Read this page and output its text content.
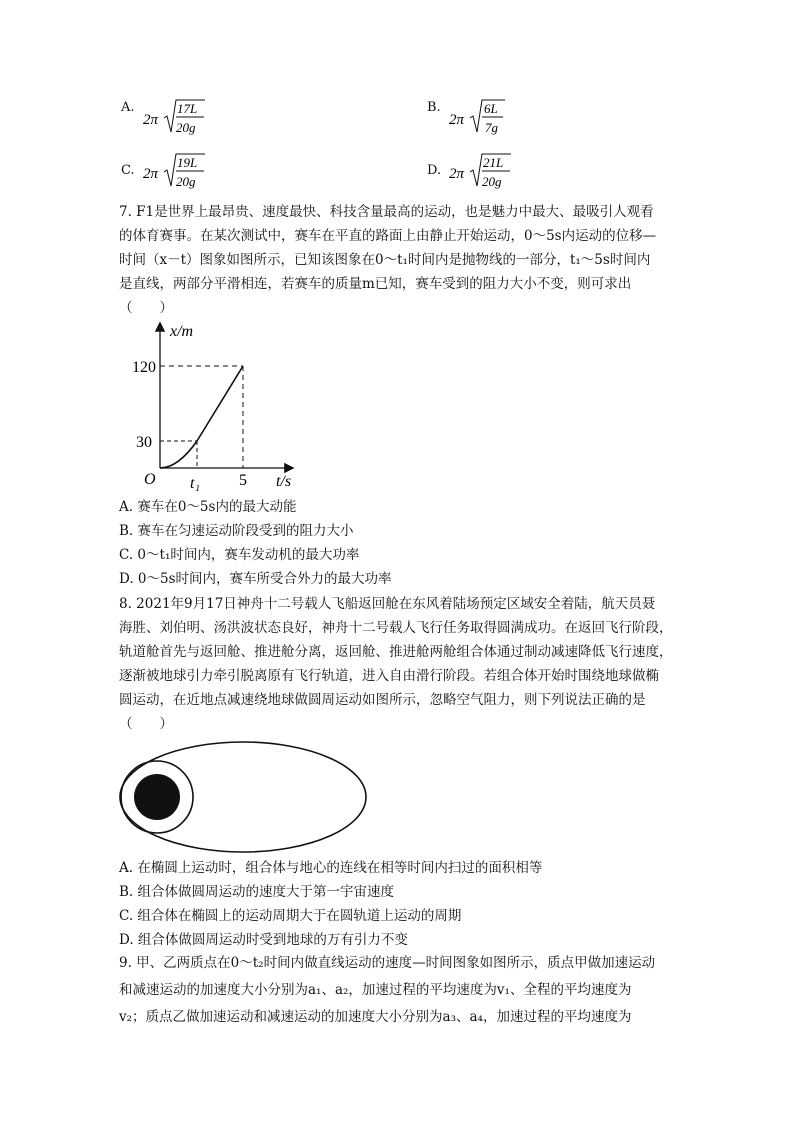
A.
2π
17L
20g
B.
2π
6L
7g
C. 2π
19L
20g
D. 2π
21L
20g
7. F1是世界上最昂贵、速度最快、科技含量最高的运动，也是魅力中最大、最吸引人观看
的体育赛事。在某次测试中，赛车在平直的路面上由静止开始运动，0～5s内运动的位移—
时间（x－t）图象如图所示，已知该图象在0～t₁时间内是抛物线的一部分，t₁～5s时间内
是直线，两部分平滑相连，若赛车的质量m已知，赛车受到的阻力大小不变，则可求出
（　　）
x/m
t/s
O
120
30
t₁ 5
A. 赛车在0～5s内的最大动能
B. 赛车在匀速运动阶段受到的阻力大小
C. 0～t₁时间内，赛车发动机的最大功率
D. 0～5s时间内，赛车所受合外力的最大功率
8. 2021年9月17日神舟十二号载人飞船返回舱在东风着陆场预定区域安全着陆，航天员聂
海胜、刘伯明、汤洪波状态良好，神舟十二号载人飞行任务取得圆满成功。在返回飞行阶段，
轨道舱首先与返回舱、推进舱分离，返回舱、推进舱两舱组合体通过制动减速降低飞行速度，
逐渐被地球引力牵引脱离原有飞行轨道，进入自由滑行阶段。若组合体开始时围绕地球做椭
圆运动，在近地点减速绕地球做圆周运动如图所示，忽略空气阻力，则下列说法正确的是
（　　）
A. 在椭圆上运动时，组合体与地心的连线在相等时间内扫过的面积相等
B. 组合体做圆周运动的速度大于第一宇宙速度
C. 组合体在椭圆上的运动周期大于在圆轨道上运动的周期
D. 组合体做圆周运动时受到地球的万有引力不变
9. 甲、乙两质点在0～t₂时间内做直线运动的速度—时间图象如图所示，质点甲做加速运动
和减速运动的加速度大小分别为a₁、a₂，加速过程的平均速度为v₁、全程的平均速度为
v₂；质点乙做加速运动和减速运动的加速度大小分别为a₃、a₄，加速过程的平均速度为
